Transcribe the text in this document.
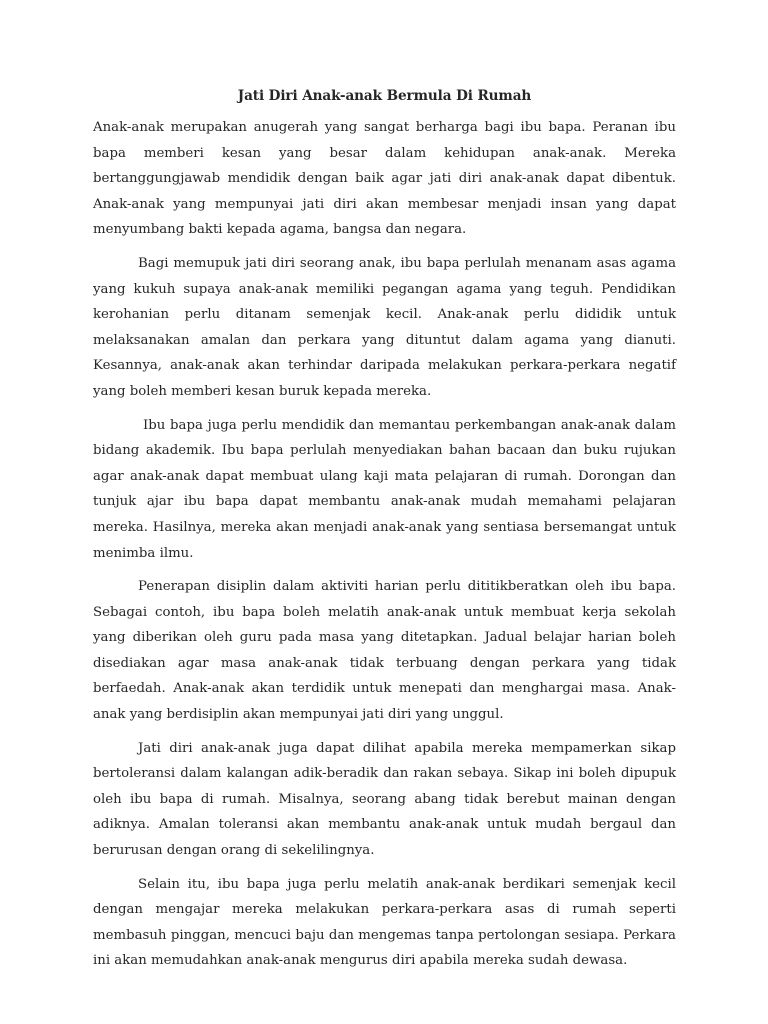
Jati Diri Anak-anak Bermula Di Rumah

Anak-anak merupakan anugerah yang sangat berharga bagi ibu bapa. Peranan ibu bapa memberi kesan yang besar dalam kehidupan anak-anak. Mereka bertanggungjawab mendidik dengan baik agar jati diri anak-anak dapat dibentuk. Anak-anak yang mempunyai jati diri akan membesar menjadi insan yang dapat menyumbang bakti kepada agama, bangsa dan negara.

Bagi memupuk jati diri seorang anak, ibu bapa perlulah menanam asas agama yang kukuh supaya anak-anak memiliki pegangan agama yang teguh. Pendidikan kerohanian perlu ditanam semenjak kecil. Anak-anak perlu dididik untuk melaksanakan amalan dan perkara yang dituntut dalam agama yang dianuti. Kesannya, anak-anak akan terhindar daripada melakukan perkara-perkara negatif yang boleh memberi kesan buruk kepada mereka.

Ibu bapa juga perlu mendidik dan memantau perkembangan anak-anak dalam bidang akademik. Ibu bapa perlulah menyediakan bahan bacaan dan buku rujukan agar anak-anak dapat membuat ulang kaji mata pelajaran di rumah. Dorongan dan tunjuk ajar ibu bapa dapat membantu anak-anak mudah memahami pelajaran mereka. Hasilnya, mereka akan menjadi anak-anak yang sentiasa bersemangat untuk menimba ilmu.

Penerapan disiplin dalam aktiviti harian perlu dititikberatkan oleh ibu bapa. Sebagai contoh, ibu bapa boleh melatih anak-anak untuk membuat kerja sekolah yang diberikan oleh guru pada masa yang ditetapkan. Jadual belajar harian boleh disediakan agar masa anak-anak tidak terbuang dengan perkara yang tidak berfaedah. Anak-anak akan terdidik untuk menepati dan menghargai masa. Anak-anak yang berdisiplin akan mempunyai jati diri yang unggul.

Jati diri anak-anak juga dapat dilihat apabila mereka mempamerkan sikap bertoleransi dalam kalangan adik-beradik dan rakan sebaya. Sikap ini boleh dipupuk oleh ibu bapa di rumah. Misalnya, seorang abang tidak berebut mainan dengan adiknya. Amalan toleransi akan membantu anak-anak untuk mudah bergaul dan berurusan dengan orang di sekelilingnya.

Selain itu, ibu bapa juga perlu melatih anak-anak berdikari semenjak kecil dengan mengajar mereka melakukan perkara-perkara asas di rumah seperti membasuh pinggan, mencuci baju dan mengemas tanpa pertolongan sesiapa. Perkara ini akan memudahkan anak-anak mengurus diri apabila mereka sudah dewasa.
